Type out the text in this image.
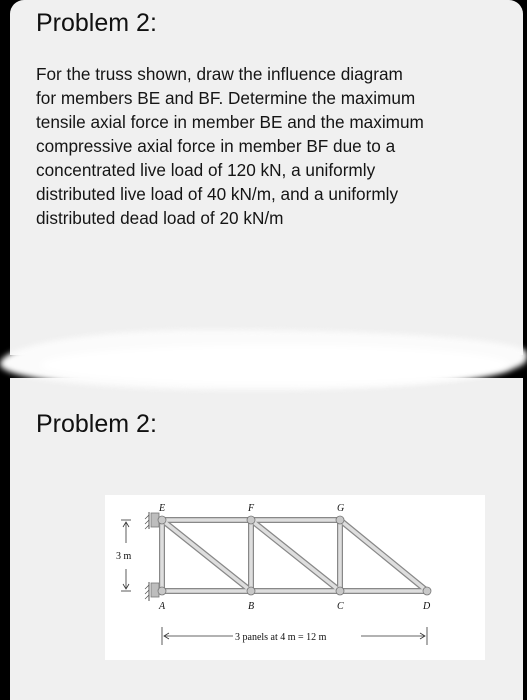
Problem 2:
For the truss shown, draw the influence diagram
for members BE and BF. Determine the maximum
tensile axial force in member BE and the maximum
compressive axial force in member BF due to a
concentrated live load of 120 kN, a uniformly
distributed live load of 40 kN/m, and a uniformly
distributed dead load of 20 kN/m
Problem 2:
E	F	G
A	B	C	D
3 m
3 panels at 4 m = 12 m
